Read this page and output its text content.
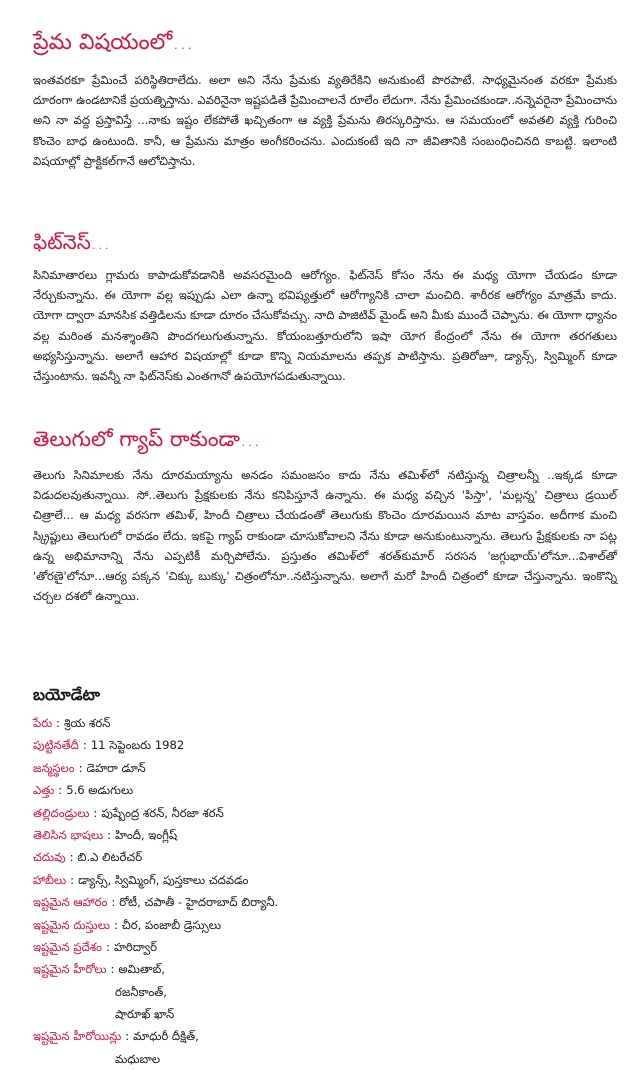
ప్రేమ విషయంలో...

ఇంతవరకూ ప్రేమించే పరిస్థితిరాలేదు. అలా అని నేను ప్రేమకు వ్యతిరేకిని అనుకుంటే పొరపాటే. సాధ్యమైనంత వరకూ ప్రేమకు దూరంగా ఉండటానికే ప్రయత్నిస్తాను. ఎవరినైనా ఇష్టపడితే ప్రేమించాలనే రూలేం లేదుగా. నేను ప్రేమించకుండా..నన్నెవరైనా ప్రేమించాను అని నా వద్ద ప్రస్తావిస్తే ...నాకు ఇష్టం లేకపోతే ఖచ్చితంగా ఆ వ్యక్తి ప్రేమను తిరస్కరిస్తాను. ఆ సమయంలో అవతలి వ్యక్తి గురించి కొంచెం బాధ ఉంటుంది. కానీ, ఆ ప్రేమను మాత్రం అంగీకరించను. ఎందుకంటే ఇది నా జీవితానికి సంబంధించినది కాబట్టి. ఇలాంటి విషయాల్లో ప్రాక్టికల్‌గానే ఆలోచిస్తాను.

ఫిట్‌నెస్...

సినిమాతారలు గ్లామరు కాపాడుకోవడానికి అవసరమైంది ఆరోగ్యం. ఫిట్‌నెస్ కోసం నేను ఈ మధ్య యోగా చేయడం కూడా నేర్చుకున్నాను. ఈ యోగా వల్ల ఇప్పుడు ఎలా ఉన్నా భవిష్యత్తులో ఆరోగ్యానికి చాలా మంచిది. శారీరక ఆరోగ్యం మాత్రమే కాదు. యోగా ద్వారా మానసిక వత్తిడిలను కూడా దూరం చేసుకోవచ్చు. నాది పాజిటివ్ మైండ్ అని మీకు ముందే చెప్పాను. ఈ యోగా ధ్యానం వల్ల మరింత మనశ్శాంతిని పొందగలుగుతున్నాను. కోయంబత్తూరులోని ఇషా యోగ కేంద్రంలో నేను ఈ యోగా తరగతులు అభ్యసిస్తున్నాను. అలాగే ఆహార విషయాల్లో కూడా కొన్ని నియమాలను తప్పక పాటిస్తాను. ప్రతిరోజూ, డ్యాన్స్, స్విమ్మింగ్ కూడా చేస్తుంటాను. ఇవన్నీ నా ఫిట్‌నెస్‌కు ఎంతగానో ఉపయోగపడుతున్నాయి.

తెలుగులో గ్యాప్ రాకుండా...

తెలుగు సినిమాలకు నేను దూరమయ్యాను అనడం సమంజసం కాదు నేను తమిళ్‌లో నటిస్తున్న చిత్రాలన్నీ ..ఇక్కడ కూడా విడుదలవుతున్నాయి. సో..తెలుగు ప్రేక్షకులకు నేను కనిపిస్తూనే ఉన్నాను. ఈ మధ్య వచ్చిన 'పిస్తా', 'మల్లన్న' చిత్రాలు డ్రయిల్ చిత్రాలే... ఆ మధ్య వరసగా తమిళ్, హిందీ చిత్రాలు చేయడంతో తెలుగుకు కొంచెం దూరమయిన మాట వాస్తవం. అదీగాక మంచి స్క్రిప్టులు తెలుగులో రావడం లేదు. ఇకపై గ్యాప్ రాకుండా చూసుకోవాలని నేను కూడా అనుకుంటున్నాను. తెలుగు ప్రేక్షకులకు నా పట్ల ఉన్న అభిమానాన్ని నేను ఎప్పటికీ మర్చిపోలేను. ప్రస్తుతం తమిళ్‌లో శరత్‌కుమార్ సరసన 'జగ్గుభాయ్'లోనూ...విశాల్‌తో 'తోరణై'లోనూ...ఆర్య పక్కన 'చిక్కు బుక్కు' చిత్రంలోనూ..నటిస్తున్నాను. అలాగే మరో హిందీ చిత్రంలో కూడా చేస్తున్నాను. ఇంకొన్ని చర్చల దశలో ఉన్నాయి.

బయోడేటా
పేరు : శ్రియ శరన్
పుట్టినతేదీ : 11 సెప్టెంబరు 1982
జన్మస్థలం : డెహరా డూన్
ఎత్తు : 5.6 అడుగులు
తల్లిదండ్రులు : పుష్పేంద్ర శరన్, నీరజా శరన్
తెలిసిన భాషలు : హిందీ, ఇంగ్లీష్
చదువు : బి.ఎ లిటరేచర్
హాబీలు : డ్యాన్స్, స్విమ్మింగ్, పుస్తకాలు చదవడం
ఇష్టమైన ఆహారం : రోటీ, చపాతీ - హైదరాబాద్ బిర్యానీ.
ఇష్టమైన దుస్తులు : చీర, పంజాబీ డ్రెస్సులు
ఇష్టమైన ప్రదేశం : హరిద్వార్
ఇష్టమైన హీరోలు : అమితాబ్,
రజనీకాంత్,
షారూఖ్ ఖాన్
ఇష్టమైన హీరోయిన్లు : మాధురీ దీక్షిత్,
మధుబాల
